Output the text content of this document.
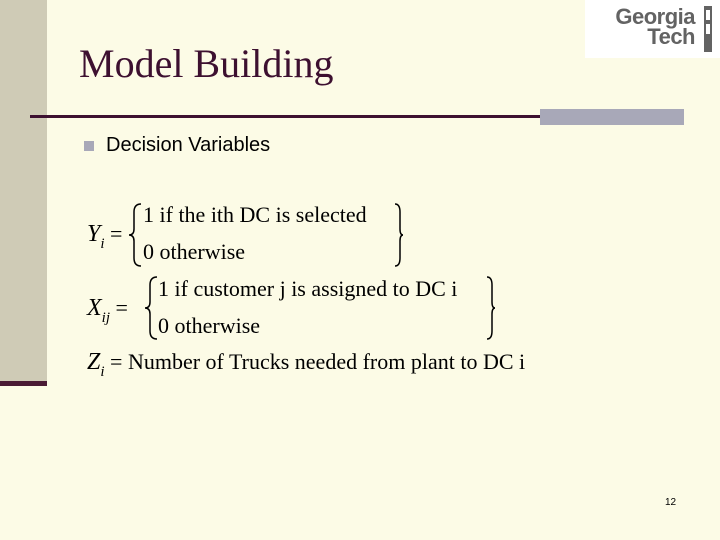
Georgia
Tech
Model Building
Decision Variables
$Y_i$ =
1 if the ith DC is selected
0 otherwise
$X_{ij}$ =
1 if customer j is assigned to DC i
0 otherwise
$Z_i$ = Number of Trucks needed from plant to DC i
12
